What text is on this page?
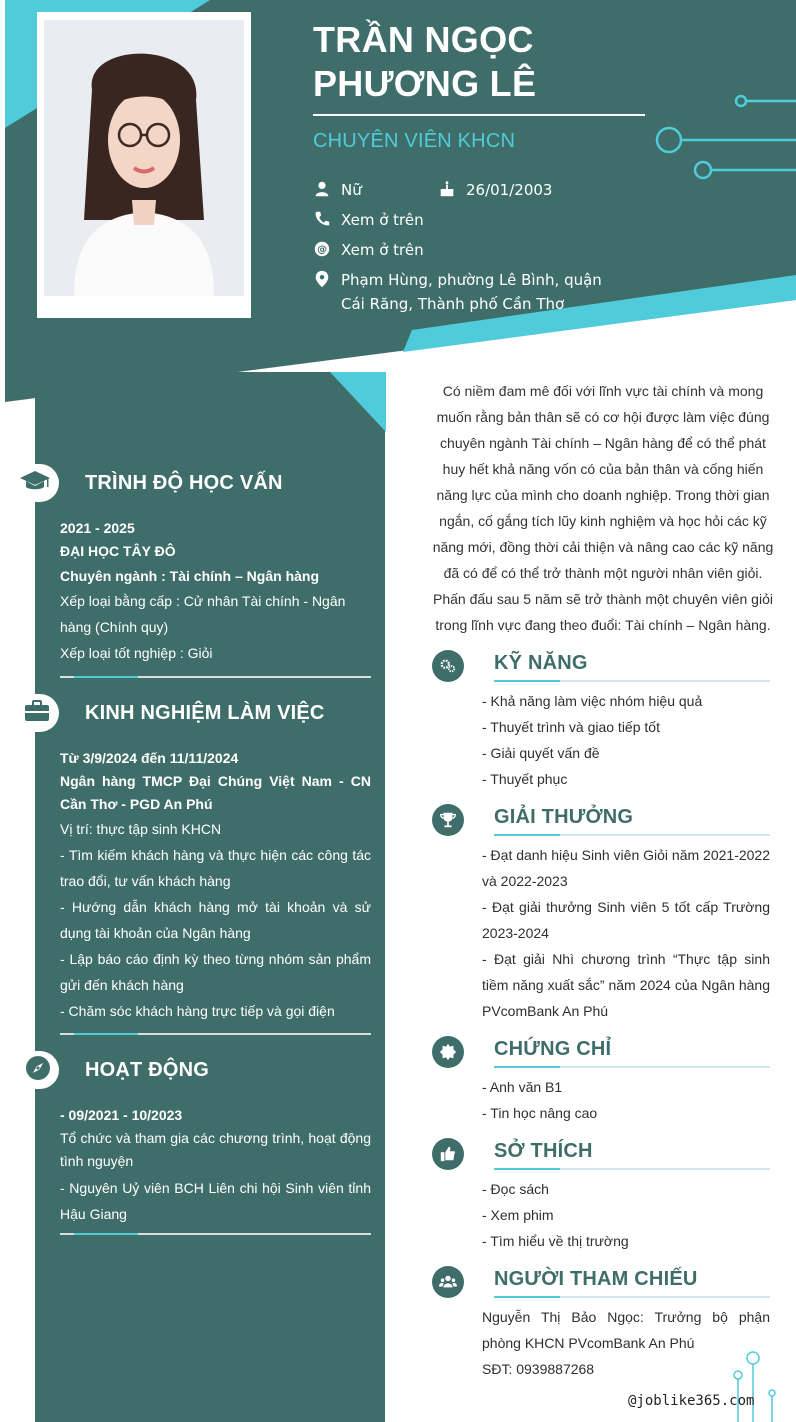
TRẦN NGỌC
PHƯƠNG LÊ
CHUYÊN VIÊN KHCN
Nữ	26/01/2003
Xem ở trên
@ Xem ở trên
Phạm Hùng, phường Lê Bình, quận
Cái Răng, Thành phố Cần Thơ
TRÌNH ĐỘ HỌC VẤN
2021 - 2025
ĐẠI HỌC TÂY ĐÔ
Chuyên ngành : Tài chính – Ngân hàng
Xếp loại bằng cấp : Cử nhân Tài chính - Ngân hàng (Chính quy)
Xếp loại tốt nghiệp : Giỏi
KINH NGHIỆM LÀM VIỆC
Từ 3/9/2024 đến 11/11/2024
Ngân hàng TMCP Đại Chúng Việt Nam - CN Cần Thơ - PGD An Phú
Vị trí: thực tập sinh KHCN
- Tìm kiếm khách hàng và thực hiện các công tác trao đổi, tư vấn khách hàng
- Hướng dẫn khách hàng mở tài khoản và sử dụng tài khoản của Ngân hàng
- Lập báo cáo định kỳ theo từng nhóm sản phẩm gửi đến khách hàng
- Chăm sóc khách hàng trực tiếp và gọi điện
HOẠT ĐỘNG
- 09/2021 - 10/2023
Tổ chức và tham gia các chương trình, hoạt động tình nguyện
- Nguyên Uỷ viên BCH Liên chi hội Sinh viên tỉnh Hậu Giang
Có niềm đam mê đối với lĩnh vực tài chính và mong muốn rằng bản thân sẽ có cơ hội được làm việc đúng chuyên ngành Tài chính – Ngân hàng để có thể phát huy hết khả năng vốn có của bản thân và cống hiến năng lực của mình cho doanh nghiệp. Trong thời gian ngắn, cố gắng tích lũy kinh nghiệm và học hỏi các kỹ năng mới, đồng thời cải thiện và nâng cao các kỹ năng đã có để có thể trở thành một người nhân viên giỏi. Phấn đấu sau 5 năm sẽ trở thành một chuyên viên giỏi trong lĩnh vực đang theo đuổi: Tài chính – Ngân hàng.
KỸ NĂNG
- Khả năng làm việc nhóm hiệu quả
- Thuyết trình và giao tiếp tốt
- Giải quyết vấn đề
- Thuyết phục
GIẢI THƯỞNG
- Đạt danh hiệu Sinh viên Giỏi năm 2021-2022 và 2022-2023
- Đạt giải thưởng Sinh viên 5 tốt cấp Trường 2023-2024
- Đạt giải Nhì chương trình “Thực tập sinh tiềm năng xuất sắc” năm 2024 của Ngân hàng PVcomBank An Phú
CHỨNG CHỈ
- Anh văn B1
- Tin học nâng cao
SỞ THÍCH
- Đọc sách
- Xem phim
- Tìm hiểu về thị trường
NGƯỜI THAM CHIẾU
Nguyễn Thị Bảo Ngọc: Trưởng bộ phận phòng KHCN PVcomBank An Phú
SĐT: 0939887268
@joblike365.com
